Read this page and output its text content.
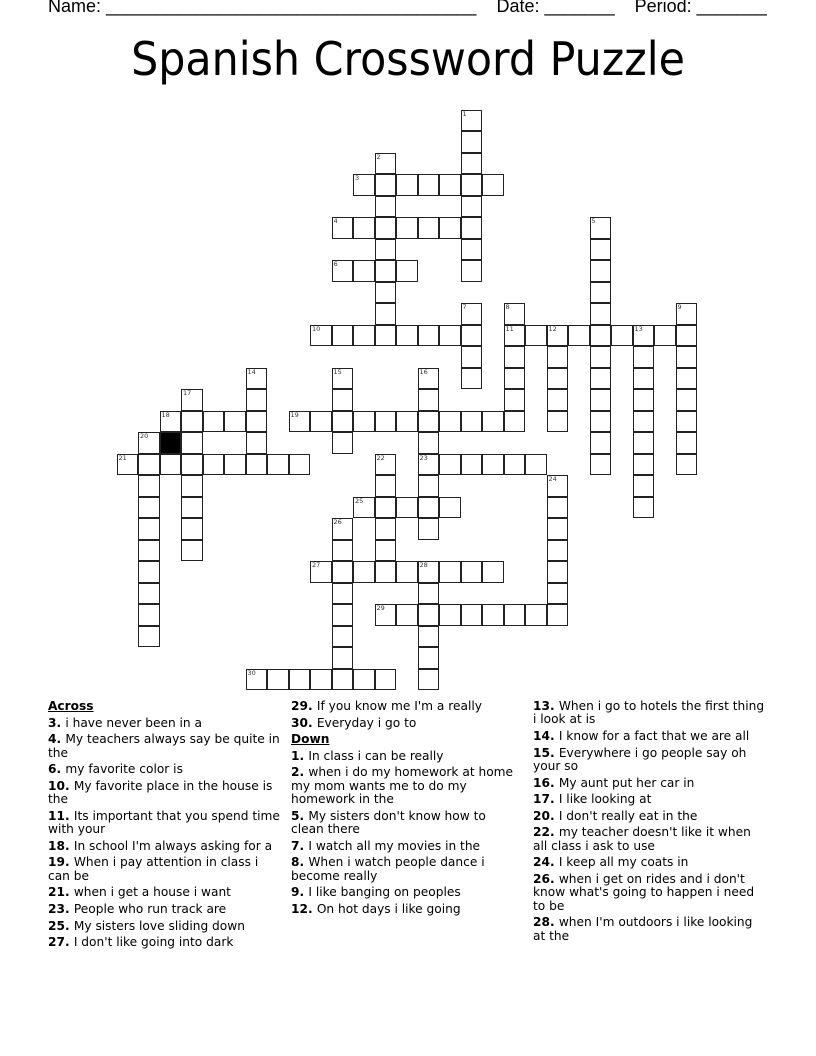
Name: _____________________________________ Date: _______ Period: _______
Spanish Crossword Puzzle
1
2
3
4	5
6
7	8
11
9
10	12	13
14	15	16
23
17
18	19
20
21	22
24
25
26
27	28
29
30
Across
3. i have never been in a
4. My teachers always say be quite in the
6. my favorite color is
10. My favorite place in the house is the
11. Its important that you spend time with your
18. In school I'm always asking for a
19. When i pay attention in class i can be
21. when i get a house i want
23. People who run track are
25. My sisters love sliding down
27. I don't like going into dark
29. If you know me I'm a really
30. Everyday i go to
Down
1. In class i can be really
2. when i do my homework at home my mom wants me to do my homework in the
5. My sisters don't know how to clean there
7. I watch all my movies in the
8. When i watch people dance i become really
9. I like banging on peoples
12. On hot days i like going
13. When i go to hotels the first thing i look at is
14. I know for a fact that we are all
15. Everywhere i go people say oh your so
16. My aunt put her car in
17. I like looking at
20. I don't really eat in the
22. my teacher doesn't like it when all class i ask to use
24. I keep all my coats in
26. when i get on rides and i don't know what's going to happen i need to be
28. when I'm outdoors i like looking at the
